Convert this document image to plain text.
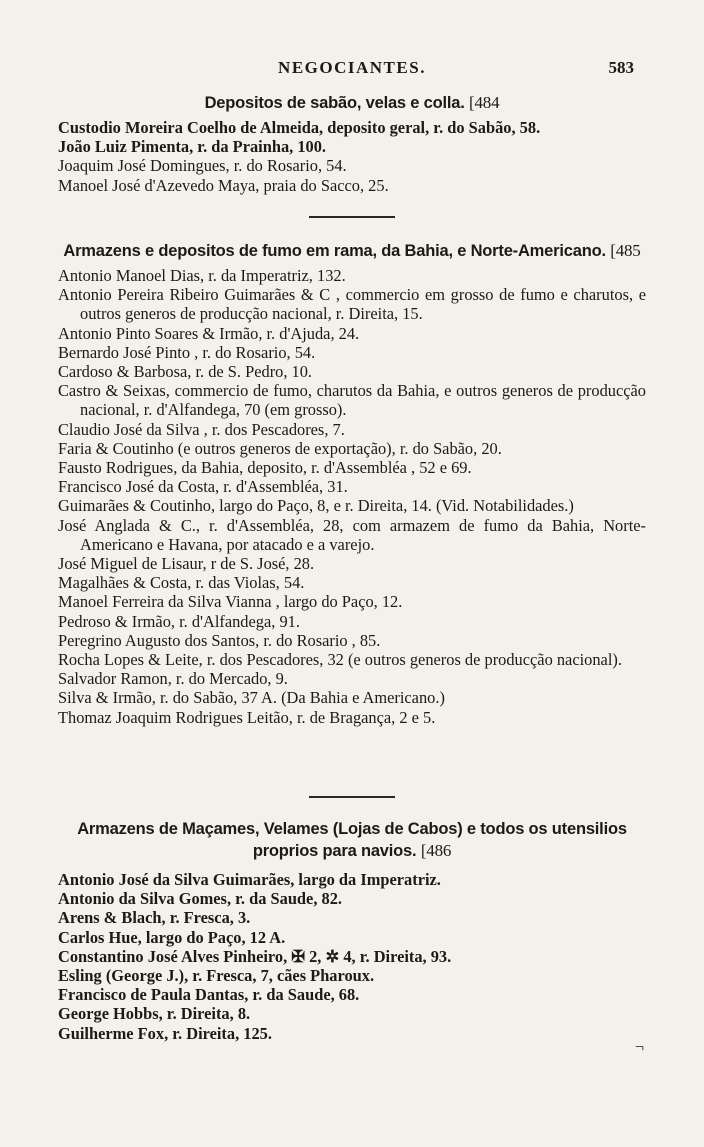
NEGOCIANTES.	583
Depositos de sabão, velas e colla. [484
Custodio Moreira Coelho de Almeida, deposito geral, r. do Sabão, 58.
João Luiz Pimenta, r. da Prainha, 100.
Joaquim José Domingues, r. do Rosario, 54.
Manoel José d'Azevedo Maya, praia do Sacco, 25.
Armazens e depositos de fumo em rama, da Bahia, e Norte-Americano. [485
Antonio Manoel Dias, r. da Imperatriz, 132.
Antonio Pereira Ribeiro Guimarães & C , commercio em grosso de fumo e charutos, e outros generos de producção nacional, r. Direita, 15.
Antonio Pinto Soares & Irmão, r. d'Ajuda, 24.
Bernardo José Pinto , r. do Rosario, 54.
Cardoso & Barbosa, r. de S. Pedro, 10.
Castro & Seixas, commercio de fumo, charutos da Bahia, e outros generos de producção nacional, r. d'Alfandega, 70 (em grosso).
Claudio José da Silva , r. dos Pescadores, 7.
Faria & Coutinho (e outros generos de exportação), r. do Sabão, 20.
Fausto Rodrigues, da Bahia, deposito, r. d'Assembléa , 52 e 69.
Francisco José da Costa, r. d'Assembléa, 31.
Guimarães & Coutinho, largo do Paço, 8, e r. Direita, 14. (Vid. Notabilidades.)
José Anglada & C., r. d'Assembléa, 28, com armazem de fumo da Bahia, Norte-Americano e Havana, por atacado e a varejo.
José Miguel de Lisaur, r de S. José, 28.
Magalhães & Costa, r. das Violas, 54.
Manoel Ferreira da Silva Vianna , largo do Paço, 12.
Pedroso & Irmão, r. d'Alfandega, 91.
Peregrino Augusto dos Santos, r. do Rosario , 85.
Rocha Lopes & Leite, r. dos Pescadores, 32 (e outros generos de producção nacional).
Salvador Ramon, r. do Mercado, 9.
Silva & Irmão, r. do Sabão, 37 A. (Da Bahia e Americano.)
Thomaz Joaquim Rodrigues Leitão, r. de Bragança, 2 e 5.
Armazens de Maçames, Velames (Lojas de Cabos) e todos os utensilios proprios para navios. [486
Antonio José da Silva Guimarães, largo da Imperatriz.
Antonio da Silva Gomes, r. da Saude, 82.
Arens & Blach, r. Fresca, 3.
Carlos Hue, largo do Paço, 12 A.
Constantino José Alves Pinheiro, ✠ 2, ✲ 4, r. Direita, 93.
Esling (George J.), r. Fresca, 7, cães Pharoux.
Francisco de Paula Dantas, r. da Saude, 68.
George Hobbs, r. Direita, 8.
Guilherme Fox, r. Direita, 125.
¬
